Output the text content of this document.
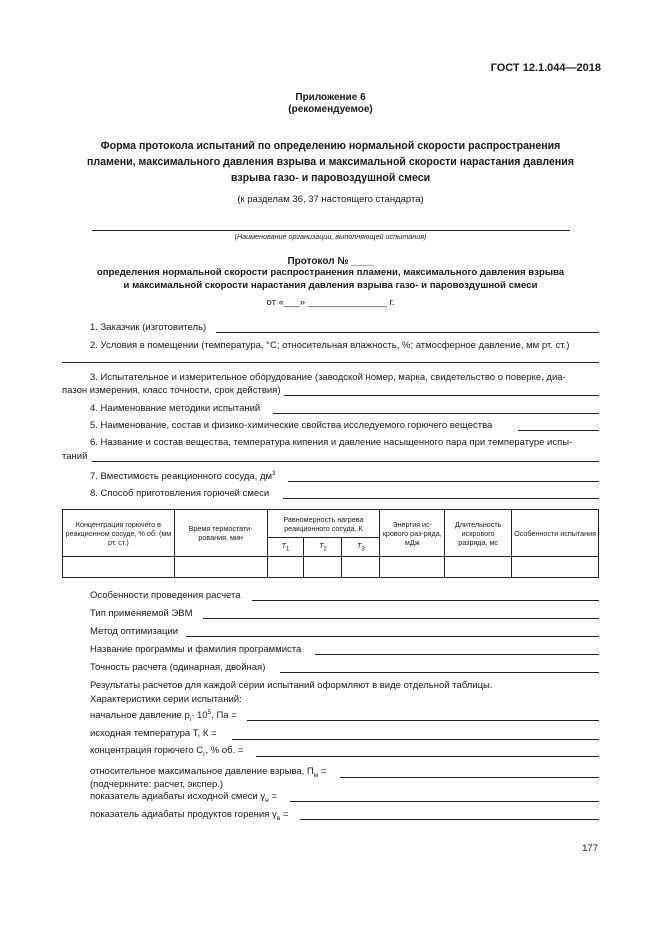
ГОСТ 12.1.044—2018
Приложение 6
(рекомендуемое)
Форма протокола испытаний по определению нормальной скорости распространения
пламени, максимального давления взрыва и максимальной скорости нарастания давления
взрыва газо- и паровоздушной смеси
(к разделам 36, 37 настоящего стандарта)
(Наименование организации, выполняющей испытания)
Протокол № ____
определения нормальной скорости распространения пламени, максимального давления взрыва
и максимальной скорости нарастания давления взрыва газо- и паровоздушной смеси
от «___» _______________ г.
1. Заказчик (изготовитель)
2. Условия в помещении (температура, °С; относительная влажность, %; атмосферное давление, мм рт. ст.)
3. Испытательное и измерительное оборудование (заводской номер, марка, свидетельство о поверке, диа-
пазон измерения, класс точности, срок действия)
4. Наименование методики испытаний
5. Наименование, состав и физико-химические свойства исследуемого горючего вещества
6. Название и состав вещества, температура кипения и давление насыщенного пара при температуре испы-
таний
7. Вместимость реакционного сосуда, $дм^3$
8. Способ приготовления горючей смеси
Концентрация горючего в реакционном сосуде, % об. (мм рт. ст.)	Время термостати-рования, мин	Равномерность нагрева реакционного сосуда, К			Энергия ис-крового раз-ряда, мДж	Длительность искрового разряда, мс	Особенности испытания
		$T_1$	$T_2$	$T_3$

Особенности проведения расчета
Тип применяемой ЭВМ
Метод оптимизации
Название программы и фамилия программиста
Точность расчета (одинарная, двойная)
Результаты расчетов для каждой серии испытаний оформляют в виде отдельной таблицы.
Характеристики серии испытаний:
начальное давление $p_i\cdot 10^5$, Па =
исходная температура T, К =
концентрация горючего $C_г$, % об. =
относительное максимальное давление взрыва, $П_м$ =
(подчеркните: расчет, экспер.)
показатель адиабаты исходной смеси $\gamma_н$ =
показатель адиабаты продуктов горения $\gamma_в$ =
177
